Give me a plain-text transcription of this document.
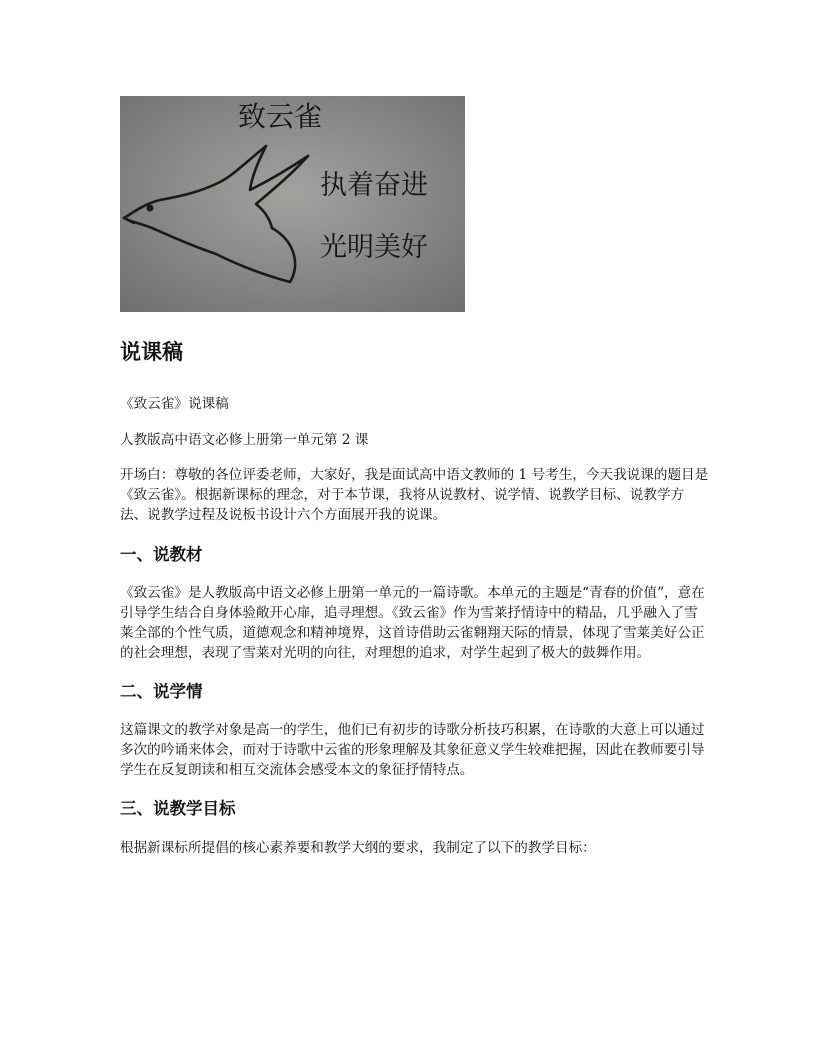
致云雀
执着奋进
光明美好
说课稿

《致云雀》说课稿

人教版高中语文必修上册第一单元第 2 课

开场白：尊敬的各位评委老师，大家好，我是面试高中语文教师的 1 号考生，今天我说课的题目是《致云雀》。根据新课标的理念，对于本节课，我将从说教材、说学情、说教学目标、说教学方法、说教学过程及说板书设计六个方面展开我的说课。

一、说教材

《致云雀》是人教版高中语文必修上册第一单元的一篇诗歌。本单元的主题是“青春的价值”，意在引导学生结合自身体验敞开心扉，追寻理想。《致云雀》作为雪莱抒情诗中的精品，几乎融入了雪莱全部的个性气质，道德观念和精神境界，这首诗借助云雀翱翔天际的情景，体现了雪莱美好公正的社会理想，表现了雪莱对光明的向往，对理想的追求，对学生起到了极大的鼓舞作用。

二、说学情

这篇课文的教学对象是高一的学生，他们已有初步的诗歌分析技巧积累，在诗歌的大意上可以通过多次的吟诵来体会，而对于诗歌中云雀的形象理解及其象征意义学生较难把握，因此在教师要引导学生在反复朗读和相互交流体会感受本文的象征抒情特点。

三、说教学目标

根据新课标所提倡的核心素养要和教学大纲的要求，我制定了以下的教学目标：
